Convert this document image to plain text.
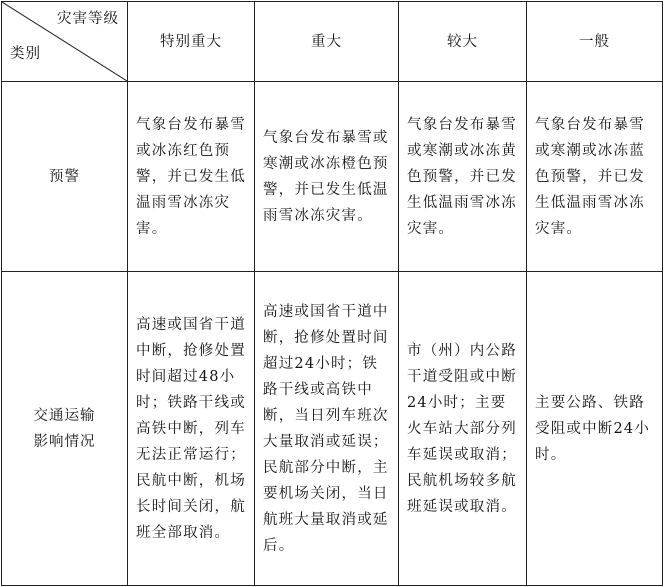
灾害等级
类别	特别重大	重大	较大	一般
预警	气象台发布暴雪或冰冻红色预警，并已发生低温雨雪冰冻灾害。	气象台发布暴雪或寒潮或冰冻橙色预警，并已发生低温雨雪冰冻灾害。	气象台发布暴雪或寒潮或冰冻黄色预警，并已发生低温雨雪冰冻灾害。	气象台发布暴雪或寒潮或冰冻蓝色预警，并已发生低温雨雪冰冻灾害。

交通运输
影响情况	高速或国省干道中断，抢修处置时间超过48小时；铁路干线或高铁中断，列车无法正常运行；民航中断，机场长时间关闭，航班全部取消。	高速或国省干道中断，抢修处置时间超过24小时；铁路干线或高铁中断，当日列车班次大量取消或延误；民航部分中断，主要机场关闭，当日航班大量取消或延后。	市（州）内公路干道受阻或中断24小时；主要火车站大部分列车延误或取消；民航机场较多航班延误或取消。	主要公路、铁路受阻或中断24小时。
